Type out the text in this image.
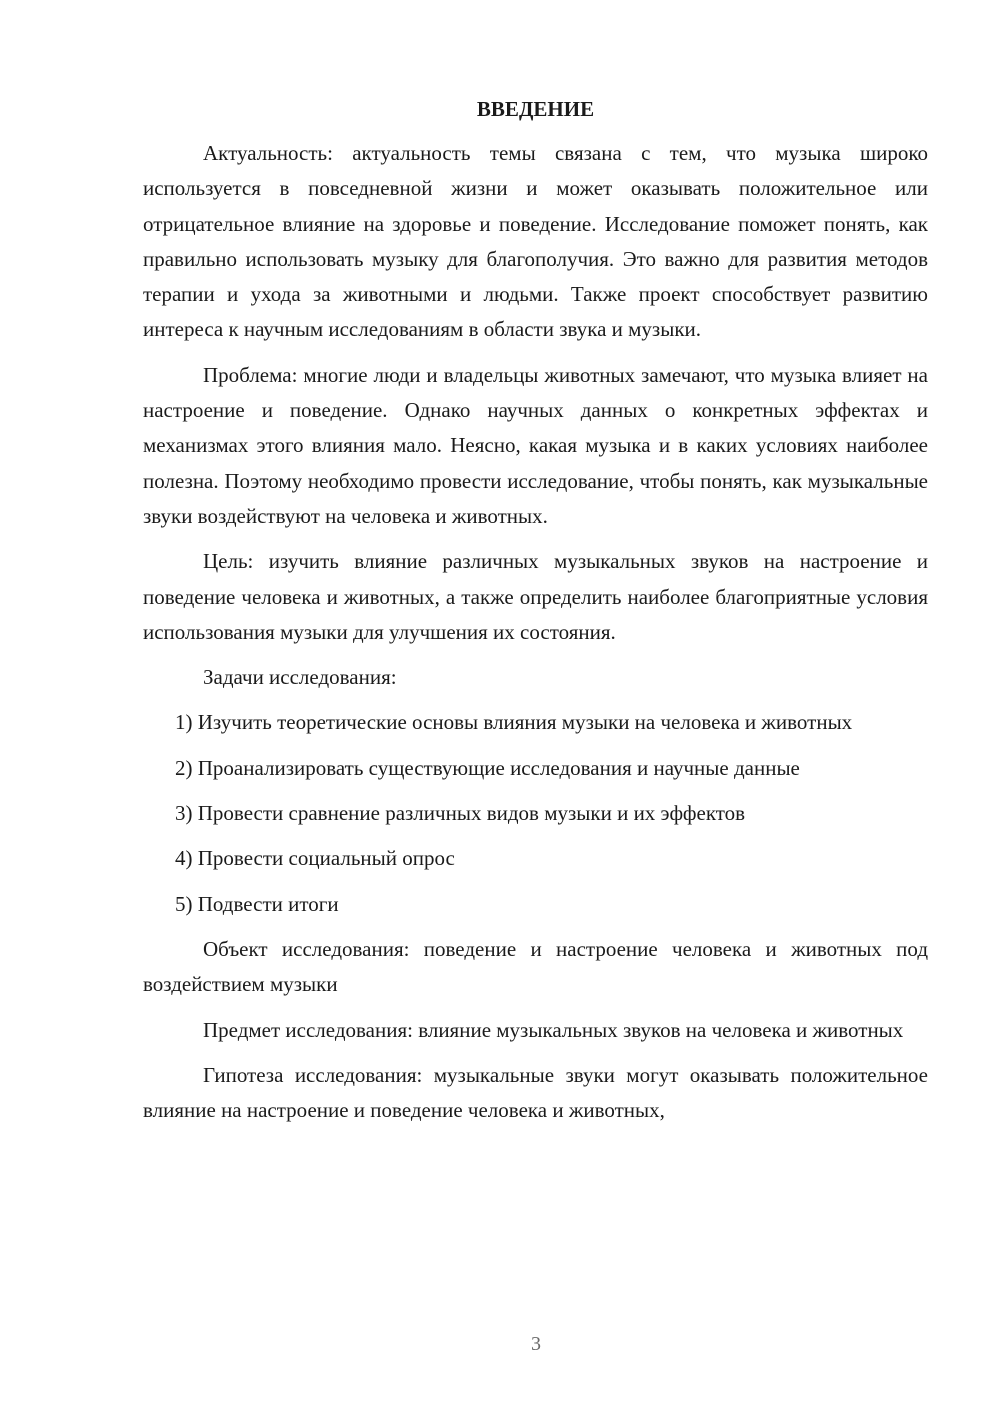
ВВЕДЕНИЕ

Актуальность: актуальность темы связана с тем, что музыка широко используется в повседневной жизни и может оказывать положительное или отрицательное влияние на здоровье и поведение. Исследование поможет понять, как правильно использовать музыку для благополучия. Это важно для развития методов терапии и ухода за животными и людьми. Также проект способствует развитию интереса к научным исследованиям в области звука и музыки.

Проблема: многие люди и владельцы животных замечают, что музыка влияет на настроение и поведение. Однако научных данных о конкретных эффектах и механизмах этого влияния мало. Неясно, какая музыка и в каких условиях наиболее полезна. Поэтому необходимо провести исследование, чтобы понять, как музыкальные звуки воздействуют на человека и животных.

Цель: изучить влияние различных музыкальных звуков на настроение и поведение человека и животных, а также определить наиболее благоприятные условия использования музыки для улучшения их состояния.

Задачи исследования:

1) Изучить теоретические основы влияния музыки на человека и животных

2) Проанализировать существующие исследования и научные данные

3) Провести сравнение различных видов музыки и их эффектов

4) Провести социальный опрос

5) Подвести итоги

Объект исследования: поведение и настроение человека и животных под воздействием музыки

Предмет исследования: влияние музыкальных звуков на человека и животных

Гипотеза исследования: музыкальные звуки могут оказывать положительное влияние на настроение и поведение человека и животных,

3
